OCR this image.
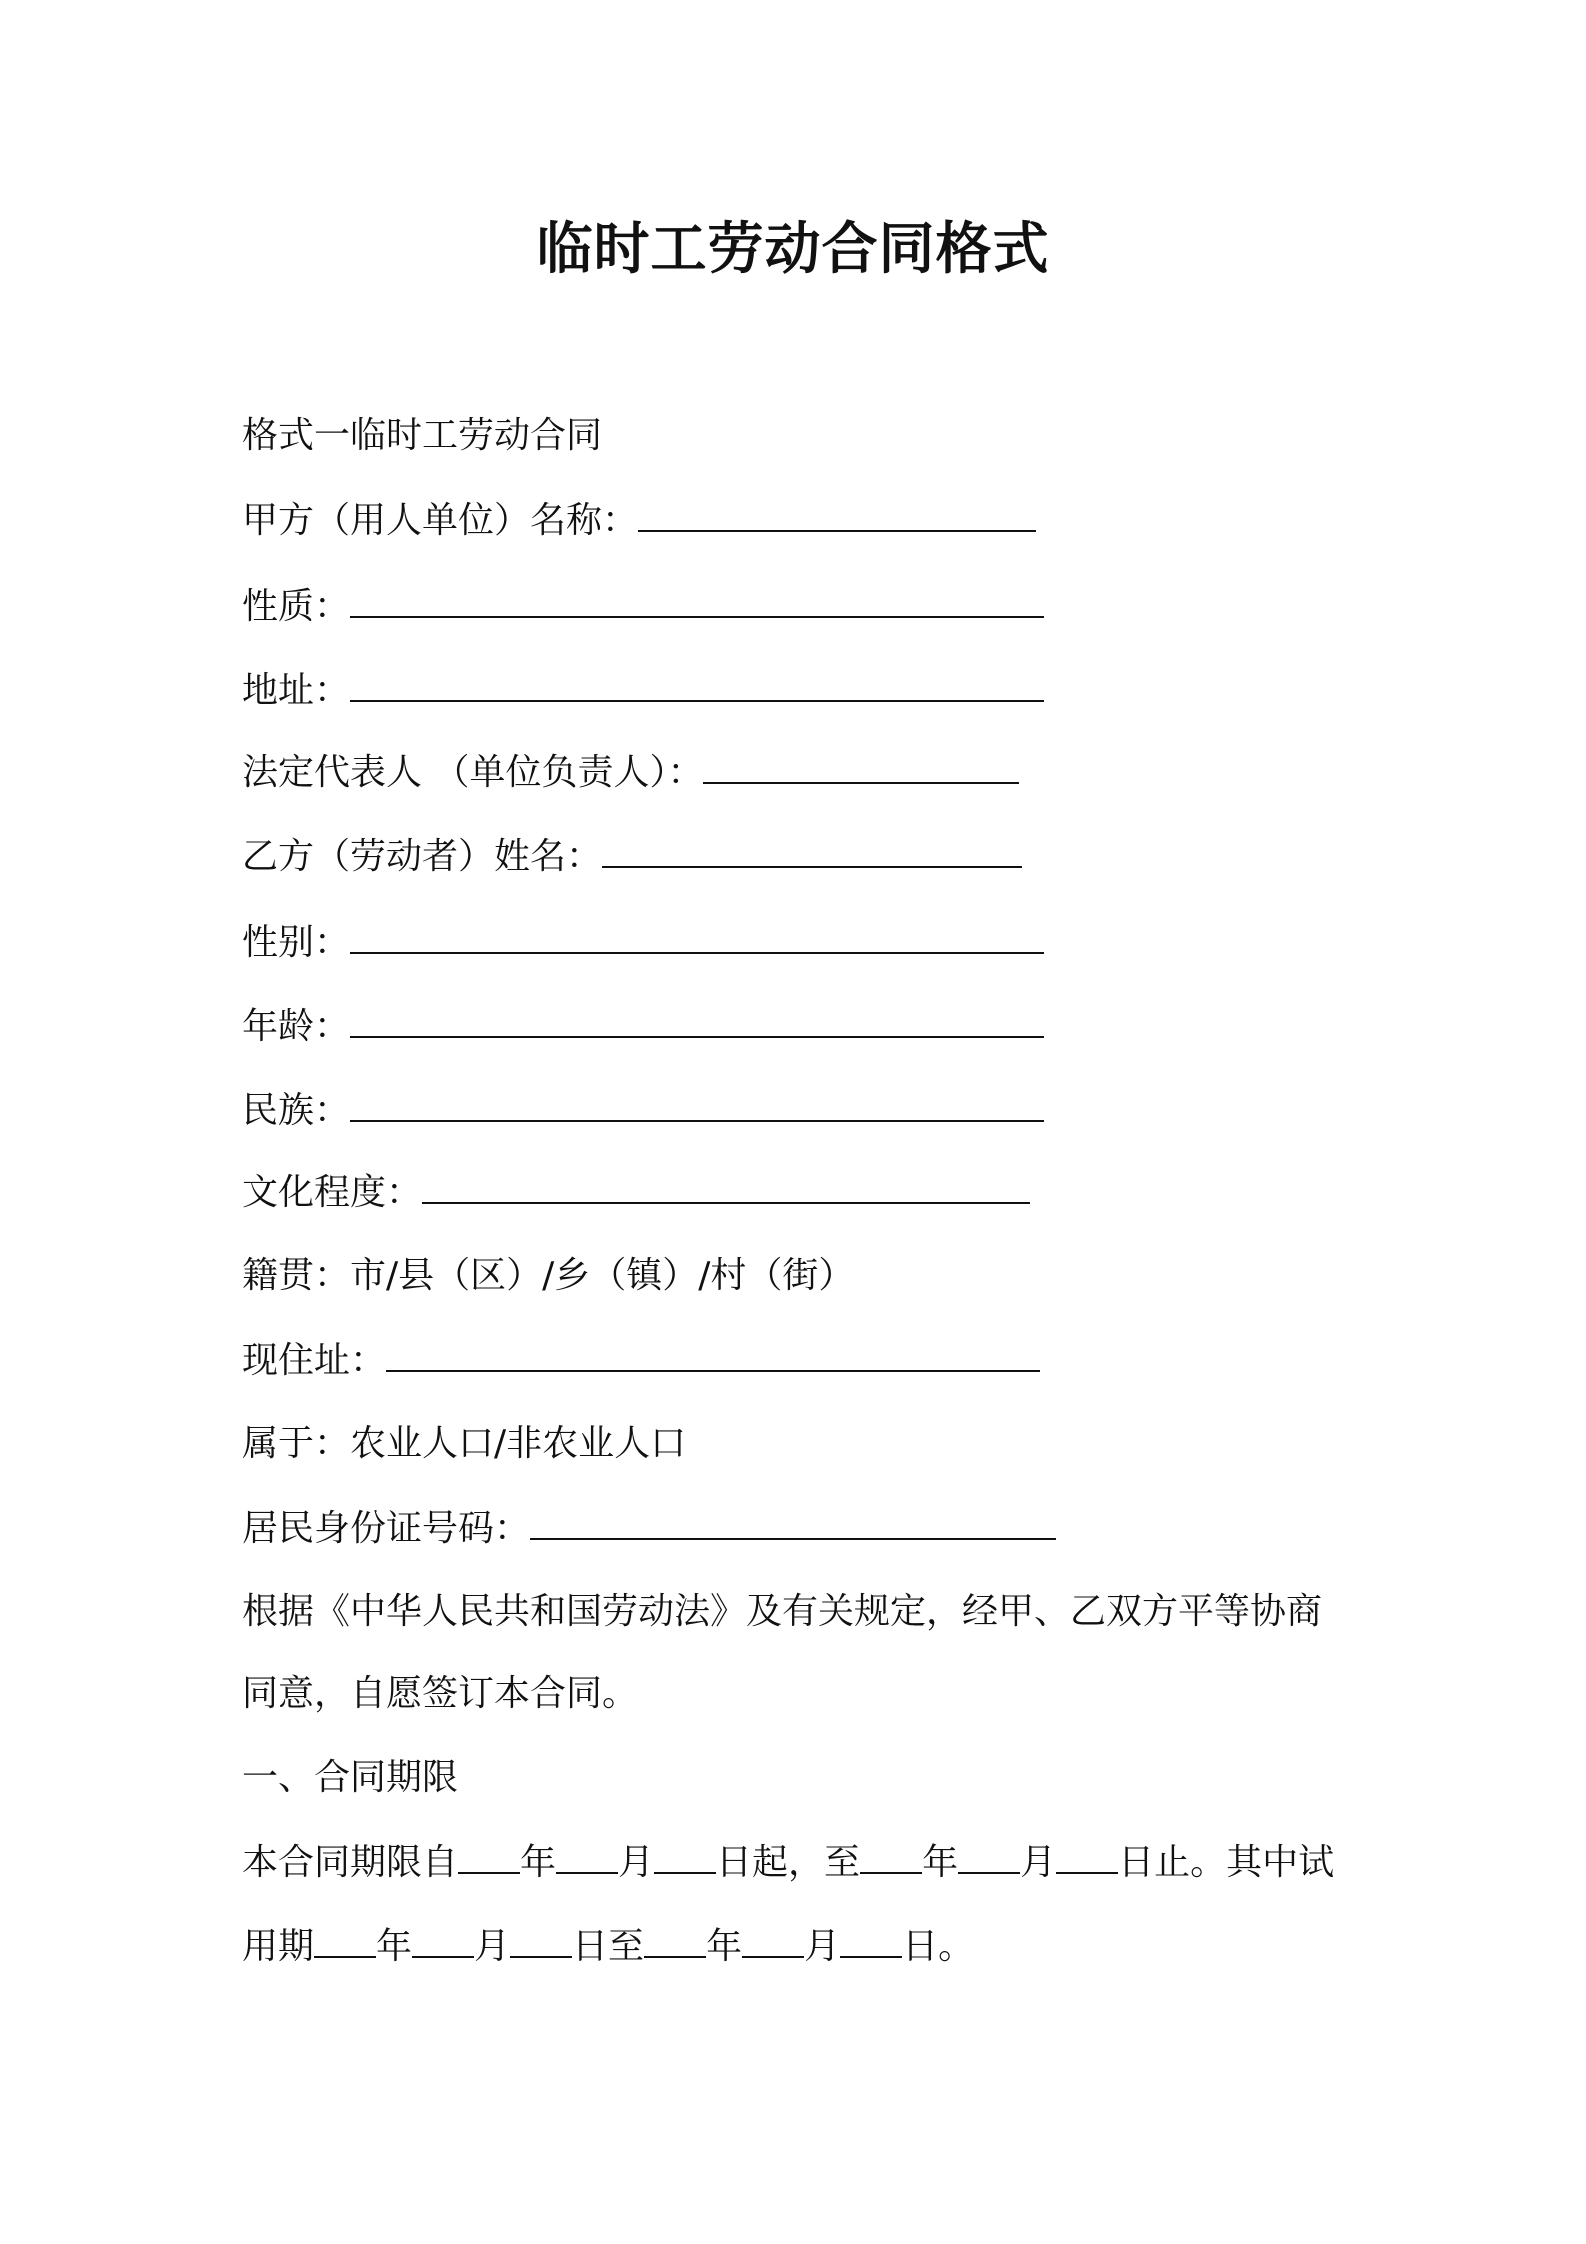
临时工劳动合同格式

格式一临时工劳动合同

甲方（用人单位）名称：

性质：

地址：

法定代表人 （单位负责人）：

乙方（劳动者）姓名：

性别：

年龄：

民族：

文化程度：

籍贯：市/县（区）/乡（镇）/村（街）

现住址：

属于：农业人口/非农业人口

居民身份证号码：

根据《中华人民共和国劳动法》及有关规定，经甲、乙双方平等协商

同意，自愿签订本合同。

一、合同期限

本合同期限自 年 月 日起，至 年 月 日止。其中试

用期 年 月 日至 年 月 日。
